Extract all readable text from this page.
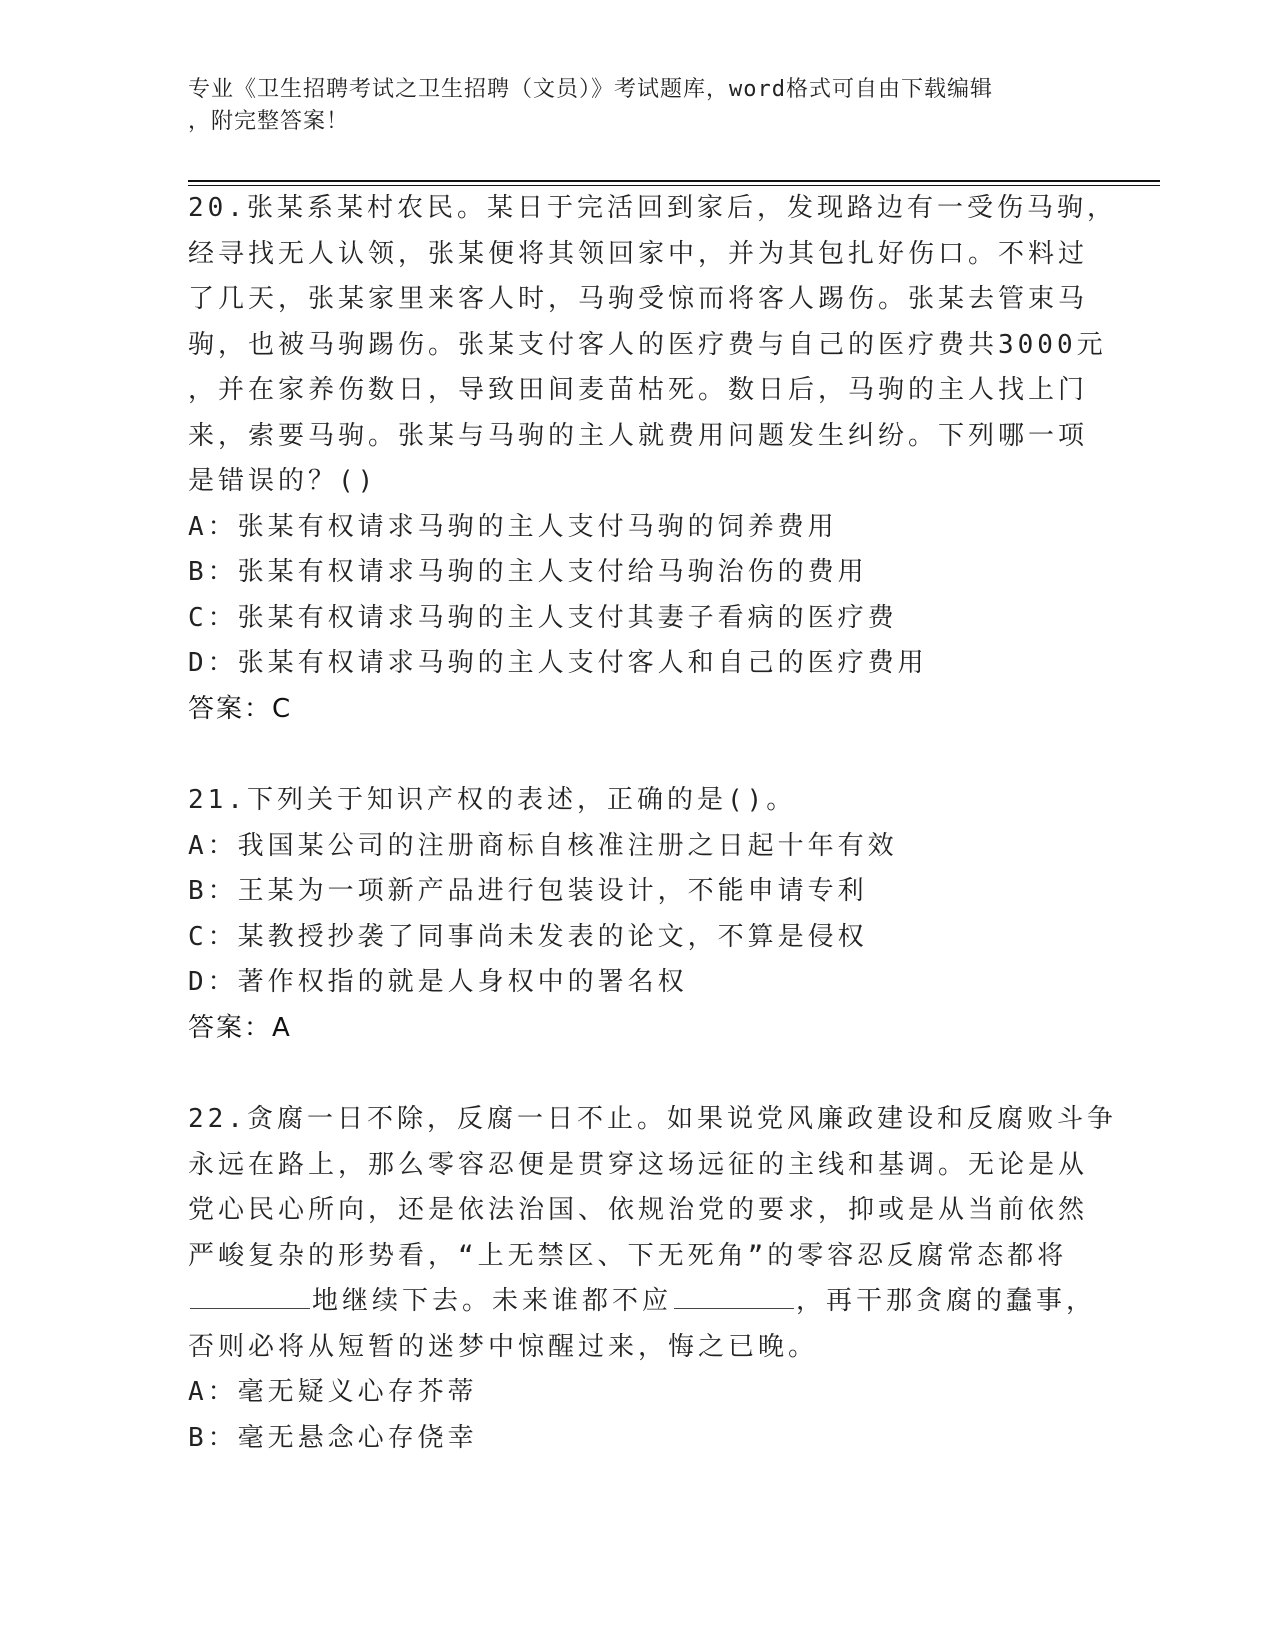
专业《卫生招聘考试之卫生招聘（文员）》考试题库，word格式可自由下载编辑
，附完整答案！
20.张某系某村农民。某日于完活回到家后，发现路边有一受伤马驹，
经寻找无人认领，张某便将其领回家中，并为其包扎好伤口。不料过
了几天，张某家里来客人时，马驹受惊而将客人踢伤。张某去管束马
驹，也被马驹踢伤。张某支付客人的医疗费与自己的医疗费共3000元
，并在家养伤数日，导致田间麦苗枯死。数日后，马驹的主人找上门
来，索要马驹。张某与马驹的主人就费用问题发生纠纷。下列哪一项
是错误的？()
A：张某有权请求马驹的主人支付马驹的饲养费用
B：张某有权请求马驹的主人支付给马驹治伤的费用
C：张某有权请求马驹的主人支付其妻子看病的医疗费
D：张某有权请求马驹的主人支付客人和自己的医疗费用
答案：C
21.下列关于知识产权的表述，正确的是()。
A：我国某公司的注册商标自核准注册之日起十年有效
B：王某为一项新产品进行包装设计，不能申请专利
C：某教授抄袭了同事尚未发表的论文，不算是侵权
D：著作权指的就是人身权中的署名权
答案：A
22.贪腐一日不除，反腐一日不止。如果说党风廉政建设和反腐败斗争
永远在路上，那么零容忍便是贯穿这场远征的主线和基调。无论是从
党心民心所向，还是依法治国、依规治党的要求，抑或是从当前依然
严峻复杂的形势看，“上无禁区、下无死角”的零容忍反腐常态都将
地继续下去。未来谁都不应	，再干那贪腐的蠢事，
否则必将从短暂的迷梦中惊醒过来，悔之已晚。
A：毫无疑义心存芥蒂
B：毫无悬念心存侥幸
